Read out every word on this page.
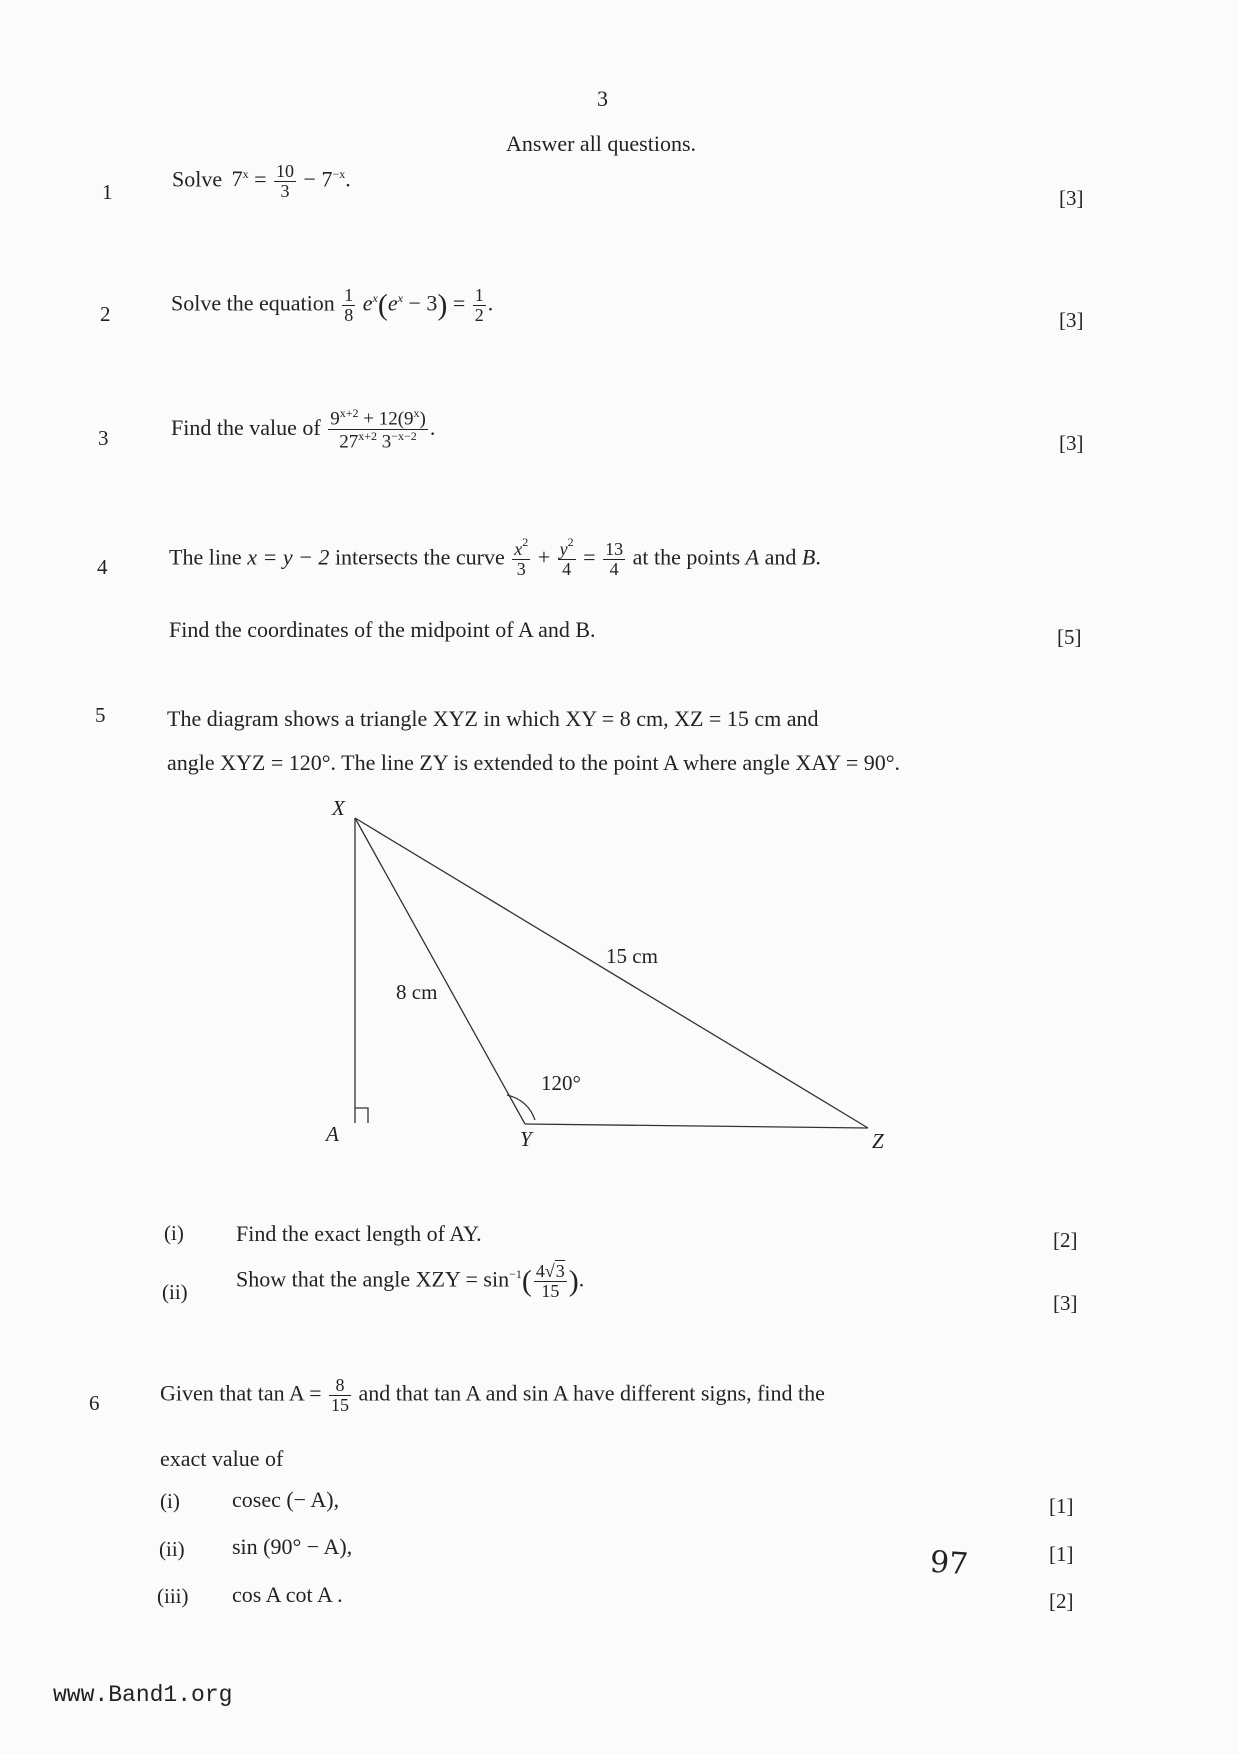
3
Answer all questions.
1
Solve $7^x = \frac{10}{3} - 7^{-x}$.
[3]
2	Solve the equation $\frac{1}{8} e^x(e^x - 3) = \frac{1}{2}$ .
[3]
3	Find the value of $\frac{9^{x+2} + 12(9^x)}{27^{x+2} 3^{-x-2}}$ .
[3]
4	The line x = y − 2 intersects the curve $\frac{x^2}{3} + \frac{y^2}{4} = \frac{13}{4}$ at the points A and B.
Find the coordinates of the midpoint of A and B.	[5]
5	The diagram shows a triangle XYZ in which XY = 8 cm, XZ = 15 cm and
angle XYZ = 120°. The line ZY is extended to the point A where angle XAY = 90°.
X
Y	Z
A
8 cm
15 cm
120°
(i) Find the exact length of AY.	[2]
(ii)
Show that the angle XZY = $\sin^{-1}( \frac{4√3}{15}$ ).
[3]
6	Given that $\tan A = \frac{8}{15}$ and that tan A and sin A have different signs, find the
exact value of
(i) cosec (− A),	[1]
(ii) sin (90° − A),	[1]
(iii) cos A cot A .	[2]
97
www.Band1.org
